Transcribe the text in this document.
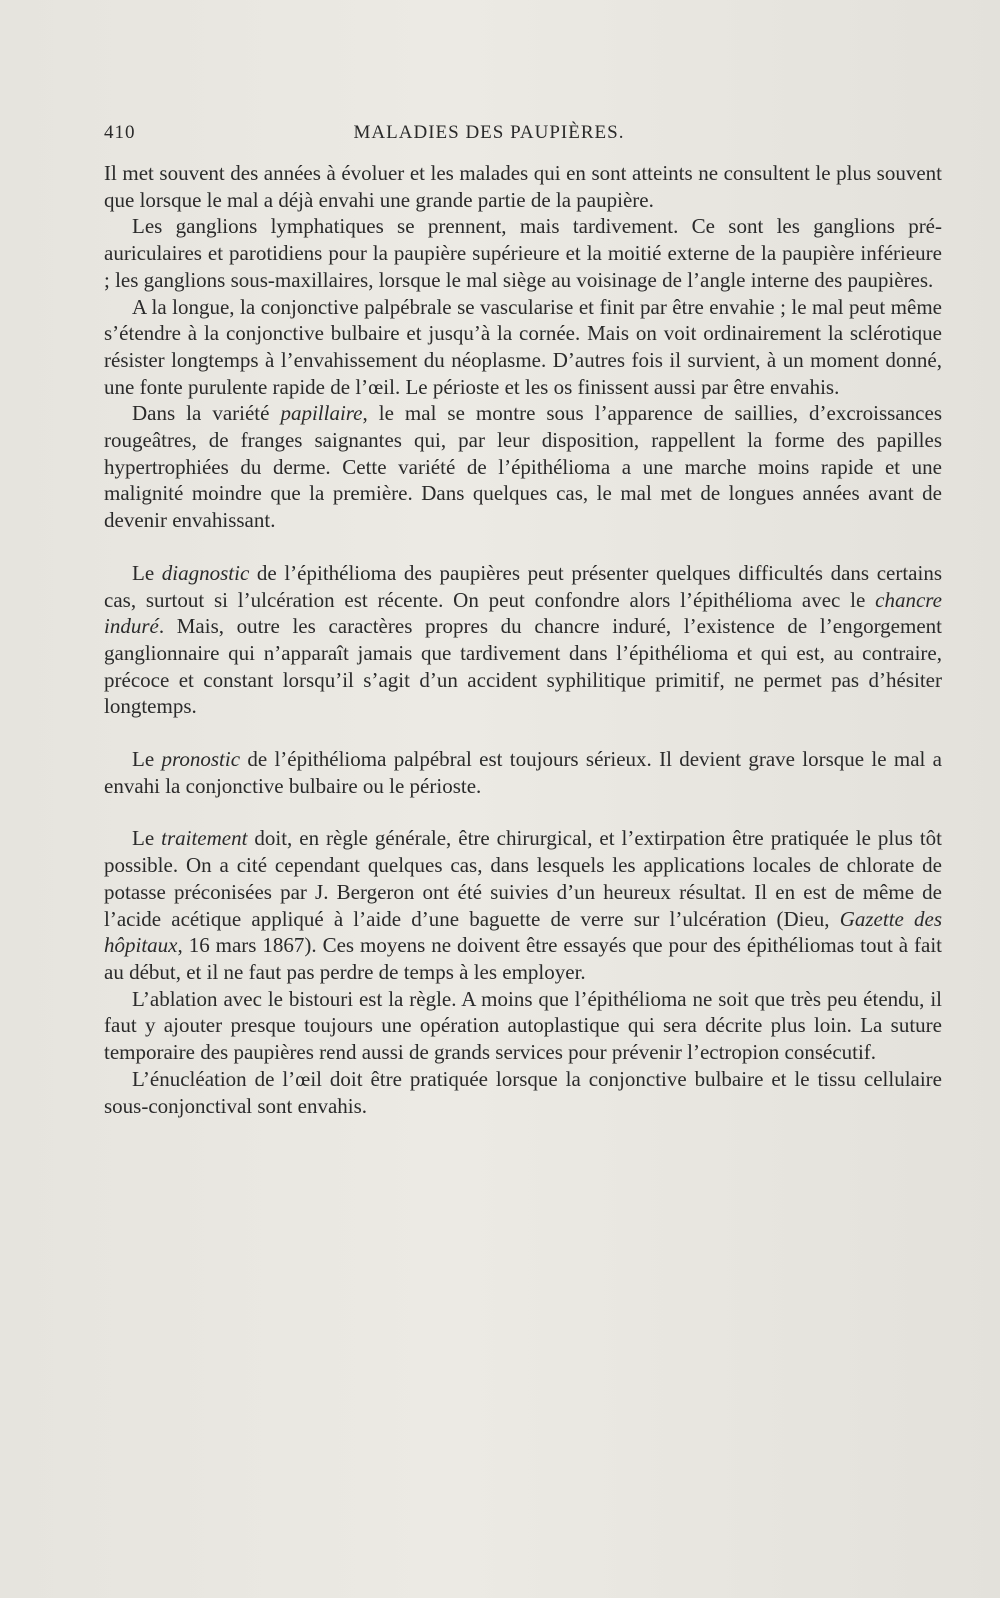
410	MALADIES DES PAUPIÈRES.

Il met souvent des années à évoluer et les malades qui en sont atteints ne consultent le plus souvent que lorsque le mal a déjà envahi une grande partie de la paupière.

Les ganglions lymphatiques se prennent, mais tardivement. Ce sont les ganglions pré-auriculaires et parotidiens pour la paupière supérieure et la moitié externe de la paupière inférieure ; les ganglions sous-maxillaires, lorsque le mal siège au voisinage de l’angle interne des paupières.

A la longue, la conjonctive palpébrale se vascularise et finit par être envahie ; le mal peut même s’étendre à la conjonctive bulbaire et jusqu’à la cornée. Mais on voit ordinairement la sclérotique résister longtemps à l’envahissement du néoplasme. D’autres fois il survient, à un moment donné, une fonte purulente rapide de l’œil. Le périoste et les os finissent aussi par être envahis.

Dans la variété papillaire, le mal se montre sous l’apparence de saillies, d’excroissances rougeâtres, de franges saignantes qui, par leur disposition, rappellent la forme des papilles hypertrophiées du derme. Cette variété de l’épithélioma a une marche moins rapide et une malignité moindre que la première. Dans quelques cas, le mal met de longues années avant de devenir envahissant.

Le diagnostic de l’épithélioma des paupières peut présenter quelques difficultés dans certains cas, surtout si l’ulcération est récente. On peut confondre alors l’épithélioma avec le chancre induré. Mais, outre les caractères propres du chancre induré, l’existence de l’engorgement ganglionnaire qui n’apparaît jamais que tardivement dans l’épithélioma et qui est, au contraire, précoce et constant lorsqu’il s’agit d’un accident syphilitique primitif, ne permet pas d’hésiter longtemps.

Le pronostic de l’épithélioma palpébral est toujours sérieux. Il devient grave lorsque le mal a envahi la conjonctive bulbaire ou le périoste.

Le traitement doit, en règle générale, être chirurgical, et l’extirpation être pratiquée le plus tôt possible. On a cité cependant quelques cas, dans lesquels les applications locales de chlorate de potasse préconisées par J. Bergeron ont été suivies d’un heureux résultat. Il en est de même de l’acide acétique appliqué à l’aide d’une baguette de verre sur l’ulcération (Dieu, Gazette des hôpitaux, 16 mars 1867). Ces moyens ne doivent être essayés que pour des épithéliomas tout à fait au début, et il ne faut pas perdre de temps à les employer.

L’ablation avec le bistouri est la règle. A moins que l’épithélioma ne soit que très peu étendu, il faut y ajouter presque toujours une opération autoplastique qui sera décrite plus loin. La suture temporaire des paupières rend aussi de grands services pour prévenir l’ectropion consécutif.

L’énucléation de l’œil doit être pratiquée lorsque la conjonctive bulbaire et le tissu cellulaire sous-conjonctival sont envahis.
